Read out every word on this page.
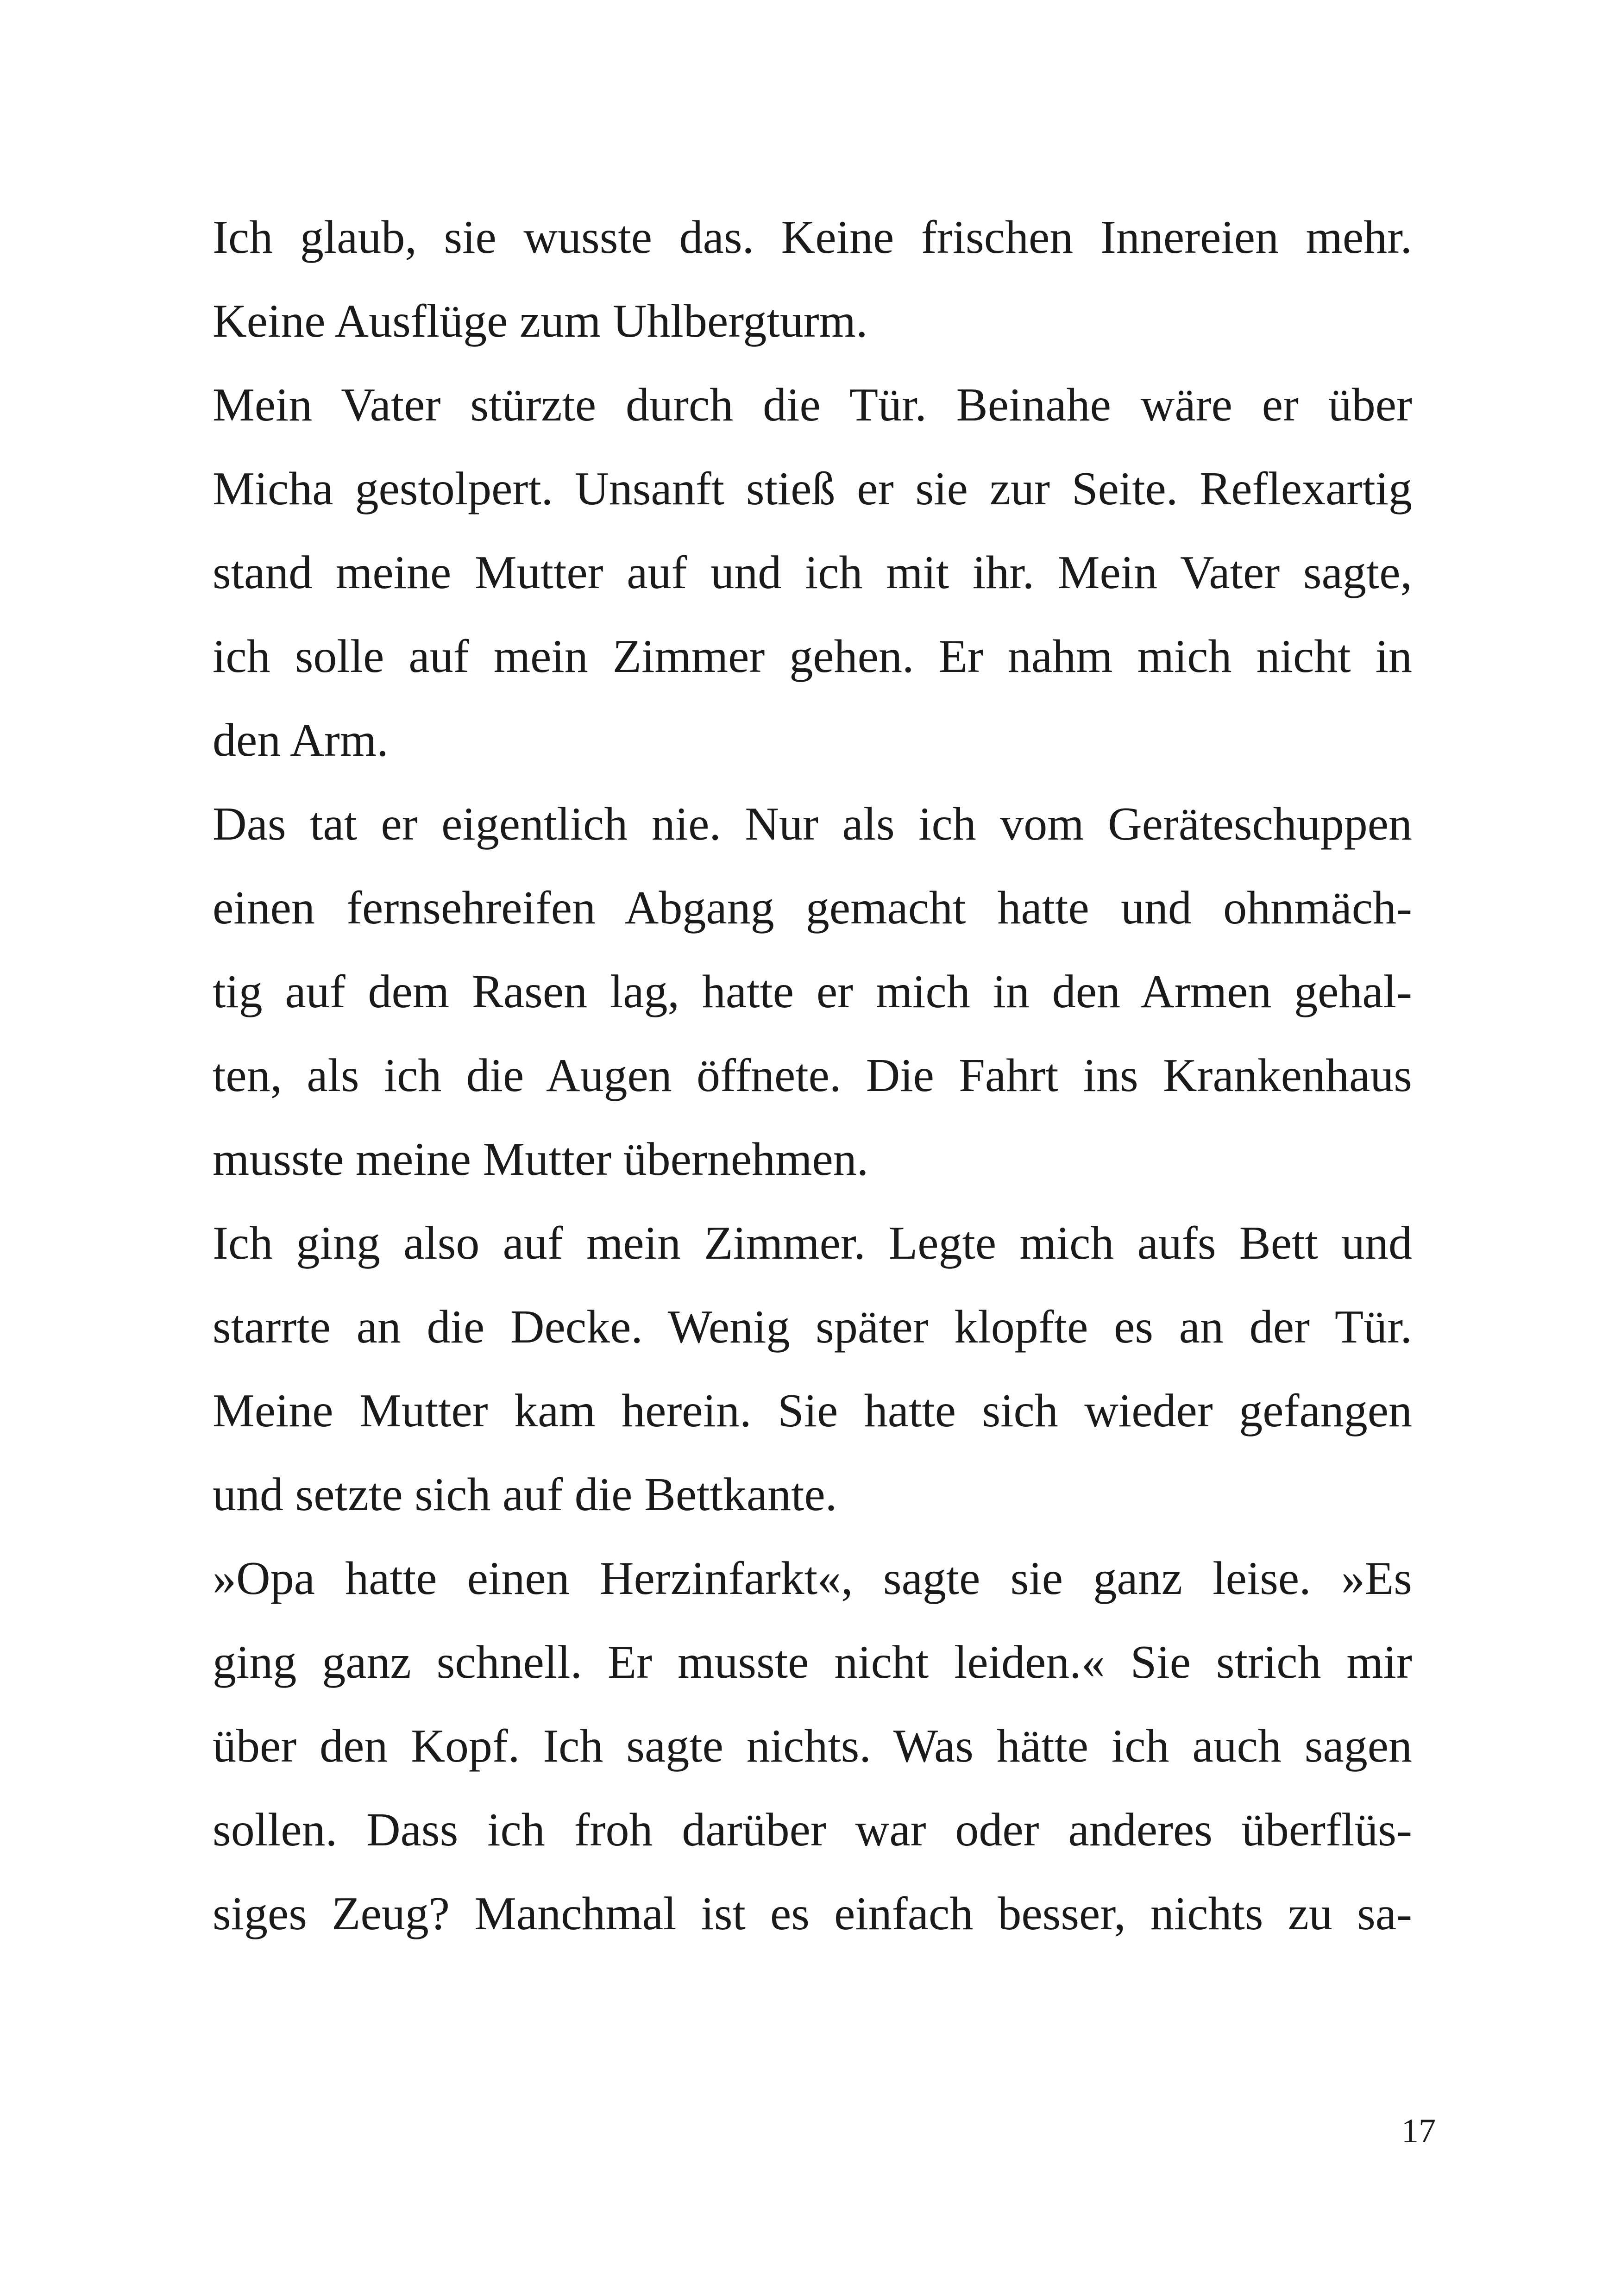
Ich glaub, sie wusste das. Keine frischen Innereien mehr.
Keine Ausflüge zum Uhlbergturm.
Mein Vater stürzte durch die Tür. Beinahe wäre er über
Micha gestolpert. Unsanft stieß er sie zur Seite. Reflexartig
stand meine Mutter auf und ich mit ihr. Mein Vater sagte,
ich solle auf mein Zimmer gehen. Er nahm mich nicht in
den Arm.
Das tat er eigentlich nie. Nur als ich vom Geräteschuppen
einen fernsehreifen Abgang gemacht hatte und ohnmäch-
tig auf dem Rasen lag, hatte er mich in den Armen gehal-
ten, als ich die Augen öffnete. Die Fahrt ins Krankenhaus
musste meine Mutter übernehmen.
Ich ging also auf mein Zimmer. Legte mich aufs Bett und
starrte an die Decke. Wenig später klopfte es an der Tür.
Meine Mutter kam herein. Sie hatte sich wieder gefangen
und setzte sich auf die Bettkante.
»Opa hatte einen Herzinfarkt«, sagte sie ganz leise. »Es
ging ganz schnell. Er musste nicht leiden.« Sie strich mir
über den Kopf. Ich sagte nichts. Was hätte ich auch sagen
sollen. Dass ich froh darüber war oder anderes überflüs-
siges Zeug? Manchmal ist es einfach besser, nichts zu sa-
17
